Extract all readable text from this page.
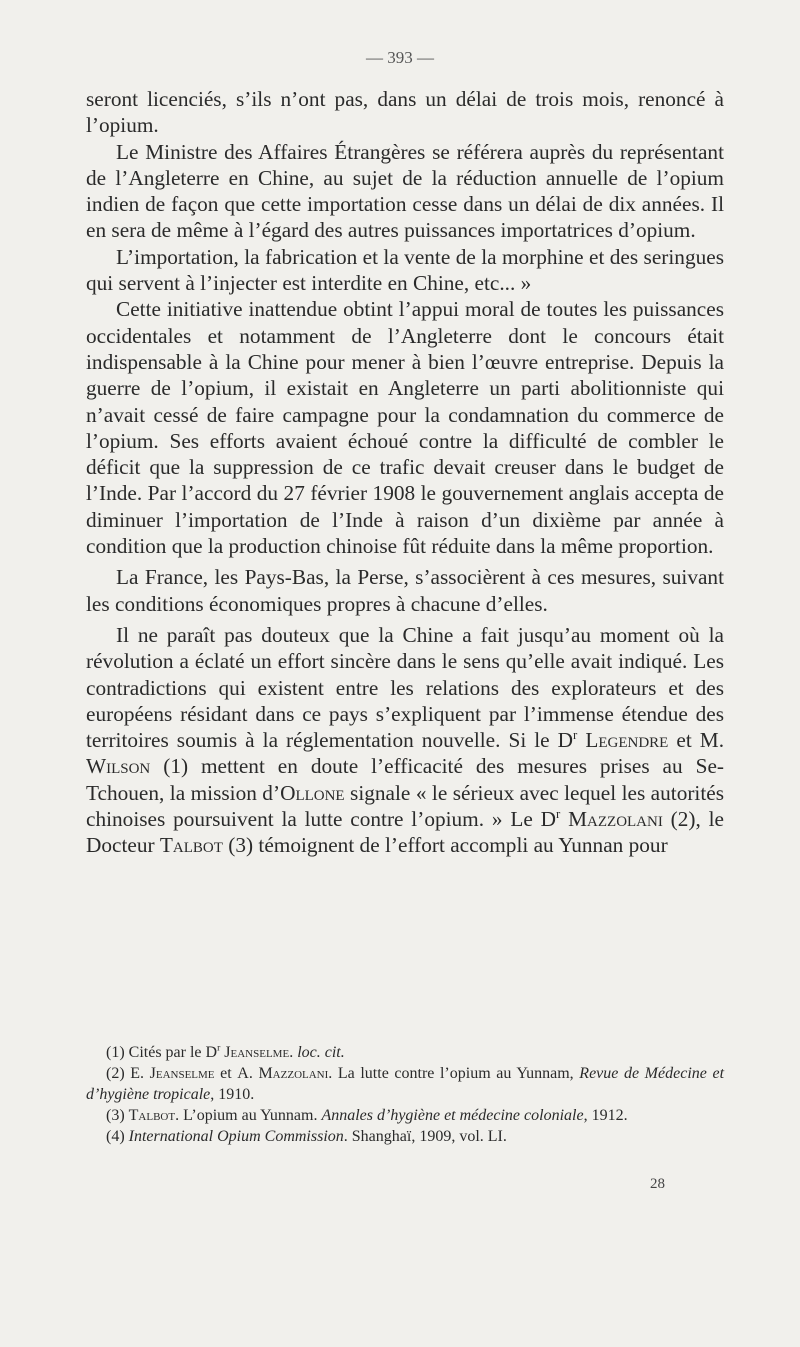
— 393 —

seront licenciés, s’ils n’ont pas, dans un délai de trois mois, renoncé à l’opium.

Le Ministre des Affaires Étrangères se référera auprès du représentant de l’Angleterre en Chine, au sujet de la réduction annuelle de l’opium indien de façon que cette importation cesse dans un délai de dix années. Il en sera de même à l’égard des autres puissances importatrices d’opium.

L’importation, la fabrication et la vente de la morphine et des seringues qui servent à l’injecter est interdite en Chine, etc... »

Cette initiative inattendue obtint l’appui moral de toutes les puissances occidentales et notamment de l’Angleterre dont le concours était indispensable à la Chine pour mener à bien l’œuvre entreprise. Depuis la guerre de l’opium, il existait en Angleterre un parti abolitionniste qui n’avait cessé de faire campagne pour la condamnation du commerce de l’opium. Ses efforts avaient échoué contre la difficulté de combler le déficit que la suppression de ce trafic devait creuser dans le budget de l’Inde. Par l’accord du 27 février 1908 le gouvernement anglais accepta de diminuer l’importation de l’Inde à raison d’un dixième par année à condition que la production chinoise fût réduite dans la même proportion.

La France, les Pays-Bas, la Perse, s’associèrent à ces mesures, suivant les conditions économiques propres à chacune d’elles.

Il ne paraît pas douteux que la Chine a fait jusqu’au moment où la révolution a éclaté un effort sincère dans le sens qu’elle avait indiqué. Les contradictions qui existent entre les relations des explorateurs et des européens résidant dans ce pays s’expliquent par l’immense étendue des territoires soumis à la réglementation nouvelle. Si le $D^r$ Legendre et M. Wilson (1) mettent en doute l’efficacité des mesures prises au Se-Tchouen, la mission d’Ollone signale « le sérieux avec lequel les autorités chinoises poursuivent la lutte contre l’opium. » Le $D^r$ Mazzolani (2), le Docteur Talbot (3) témoignent de l’effort accompli au Yunnan pour

(1) Cités par le $D^r$ Jeanselme. loc. cit.

(2) E. Jeanselme et A. Mazzolani. La lutte contre l’opium au Yunnam, Revue de Médecine et d’hygiène tropicale, 1910.

(3) Talbot. L’opium au Yunnam. Annales d’hygiène et médecine coloniale, 1912.

(4) International Opium Commission. Shanghaï, 1909, vol. LI.

28
